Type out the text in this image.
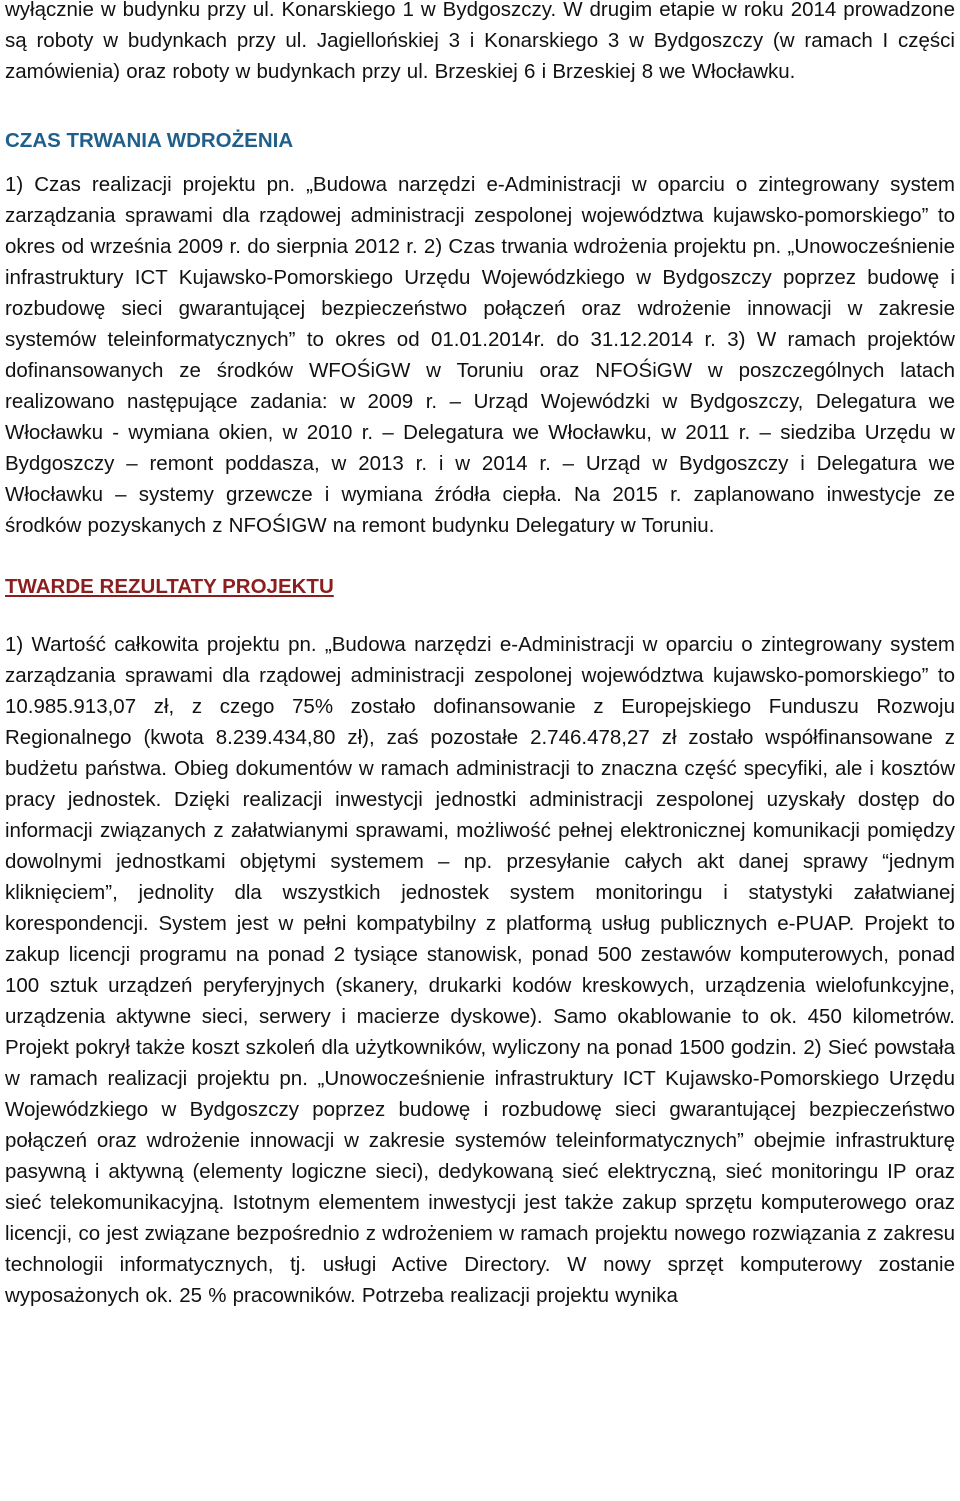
wyłącznie w budynku przy ul. Konarskiego 1 w Bydgoszczy. W drugim etapie w roku 2014 prowadzone są roboty w budynkach przy ul. Jagiellońskiej 3 i Konarskiego 3 w Bydgoszczy (w ramach I części zamówienia) oraz roboty w budynkach przy ul. Brzeskiej 6 i Brzeskiej 8 we Włocławku.

CZAS TRWANIA WDROŻENIA

1) Czas realizacji projektu pn. „Budowa narzędzi e-Administracji w oparciu o zintegrowany system zarządzania sprawami dla rządowej administracji zespolonej województwa kujawsko-pomorskiego” to okres od września 2009 r. do sierpnia 2012 r. 2) Czas trwania wdrożenia projektu pn. „Unowocześnienie infrastruktury ICT Kujawsko-Pomorskiego Urzędu Wojewódzkiego w Bydgoszczy poprzez budowę i rozbudowę sieci gwarantującej bezpieczeństwo połączeń oraz wdrożenie innowacji w zakresie systemów teleinformatycznych” to okres od 01.01.2014r. do 31.12.2014 r. 3) W ramach projektów dofinansowanych ze środków WFOŚiGW w Toruniu oraz NFOŚiGW w poszczególnych latach realizowano następujące zadania: w 2009 r. – Urząd Wojewódzki w Bydgoszczy, Delegatura we Włocławku - wymiana okien, w 2010 r. – Delegatura we Włocławku, w 2011 r. – siedziba Urzędu w Bydgoszczy – remont poddasza, w 2013 r. i w 2014 r. – Urząd w Bydgoszczy i Delegatura we Włocławku – systemy grzewcze i wymiana źródła ciepła. Na 2015 r. zaplanowano inwestycje ze środków pozyskanych z NFOŚIGW na remont budynku Delegatury w Toruniu.

TWARDE REZULTATY PROJEKTU

1) Wartość całkowita projektu pn. „Budowa narzędzi e-Administracji w oparciu o zintegrowany system zarządzania sprawami dla rządowej administracji zespolonej województwa kujawsko-pomorskiego” to 10.985.913,07 zł, z czego 75% zostało dofinansowanie z Europejskiego Funduszu Rozwoju Regionalnego (kwota 8.239.434,80 zł), zaś pozostałe 2.746.478,27 zł zostało współfinansowane z budżetu państwa. Obieg dokumentów w ramach administracji to znaczna część specyfiki, ale i kosztów pracy jednostek. Dzięki realizacji inwestycji jednostki administracji zespolonej uzyskały dostęp do informacji związanych z załatwianymi sprawami, możliwość pełnej elektronicznej komunikacji pomiędzy dowolnymi jednostkami objętymi systemem – np. przesyłanie całych akt danej sprawy “jednym kliknięciem”, jednolity dla wszystkich jednostek system monitoringu i statystyki załatwianej korespondencji. System jest w pełni kompatybilny z platformą usług publicznych e-PUAP. Projekt to zakup licencji programu na ponad 2 tysiące stanowisk, ponad 500 zestawów komputerowych, ponad 100 sztuk urządzeń peryferyjnych (skanery, drukarki kodów kreskowych, urządzenia wielofunkcyjne, urządzenia aktywne sieci, serwery i macierze dyskowe). Samo okablowanie to ok. 450 kilometrów. Projekt pokrył także koszt szkoleń dla użytkowników, wyliczony na ponad 1500 godzin. 2) Sieć powstała w ramach realizacji projektu pn. „Unowocześnienie infrastruktury ICT Kujawsko-Pomorskiego Urzędu Wojewódzkiego w Bydgoszczy poprzez budowę i rozbudowę sieci gwarantującej bezpieczeństwo połączeń oraz wdrożenie innowacji w zakresie systemów teleinformatycznych” obejmie infrastrukturę pasywną i aktywną (elementy logiczne sieci), dedykowaną sieć elektryczną, sieć monitoringu IP oraz sieć telekomunikacyjną. Istotnym elementem inwestycji jest także zakup sprzętu komputerowego oraz licencji, co jest związane bezpośrednio z wdrożeniem w ramach projektu nowego rozwiązania z zakresu technologii informatycznych, tj. usługi Active Directory. W nowy sprzęt komputerowy zostanie wyposażonych ok. 25 % pracowników. Potrzeba realizacji projektu wynika
